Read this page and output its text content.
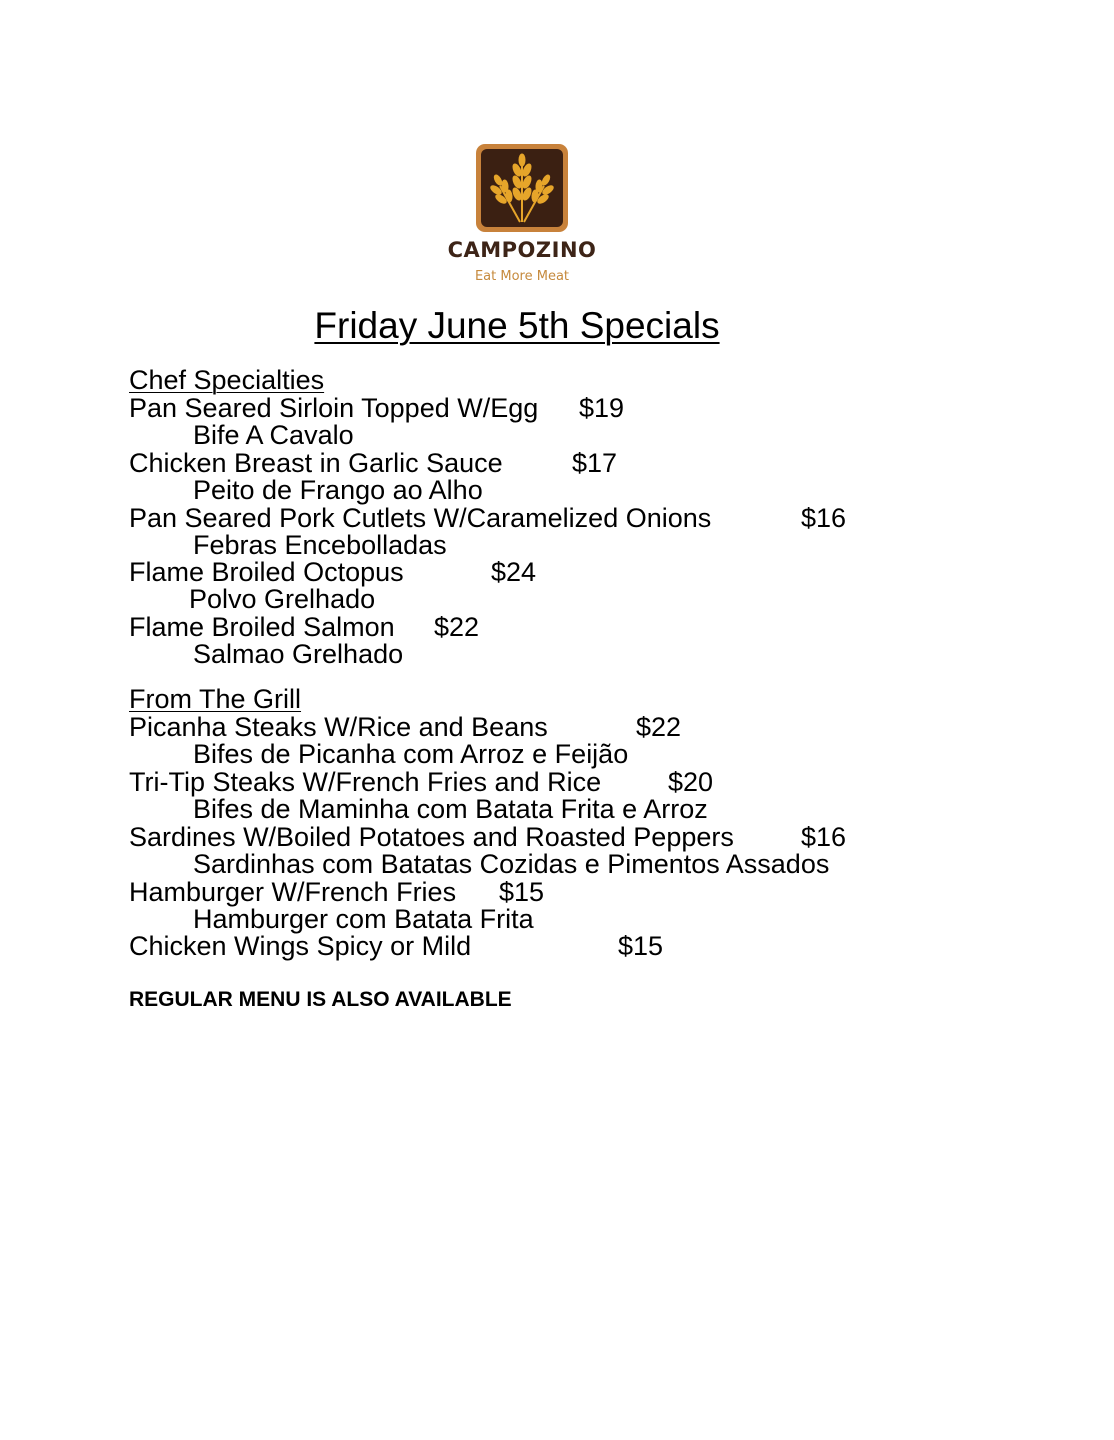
CAMPOZINO
Eat More Meat
Friday June 5th Specials
Chef Specialties
Pan Seared Sirloin Topped W/Egg $19
Bife A Cavalo
Chicken Breast in Garlic Sauce	$17
Peito de Frango ao Alho
Pan Seared Pork Cutlets W/Caramelized Onions	$16
Febras Encebolladas
Flame Broiled Octopus	$24
Polvo Grelhado
Flame Broiled Salmon $22
Salmao Grelhado
From The Grill
Picanha Steaks W/Rice and Beans	$22
Bifes de Picanha com Arroz e Feijão
Tri-Tip Steaks W/French Fries and Rice $20
Bifes de Maminha com Batata Frita e Arroz
Sardines W/Boiled Potatoes and Roasted Peppers $16
Sardinhas com Batatas Cozidas e Pimentos Assados
Hamburger W/French Fries $15
Hamburger com Batata Frita
Chicken Wings Spicy or Mild	$15
REGULAR MENU IS ALSO AVAILABLE
